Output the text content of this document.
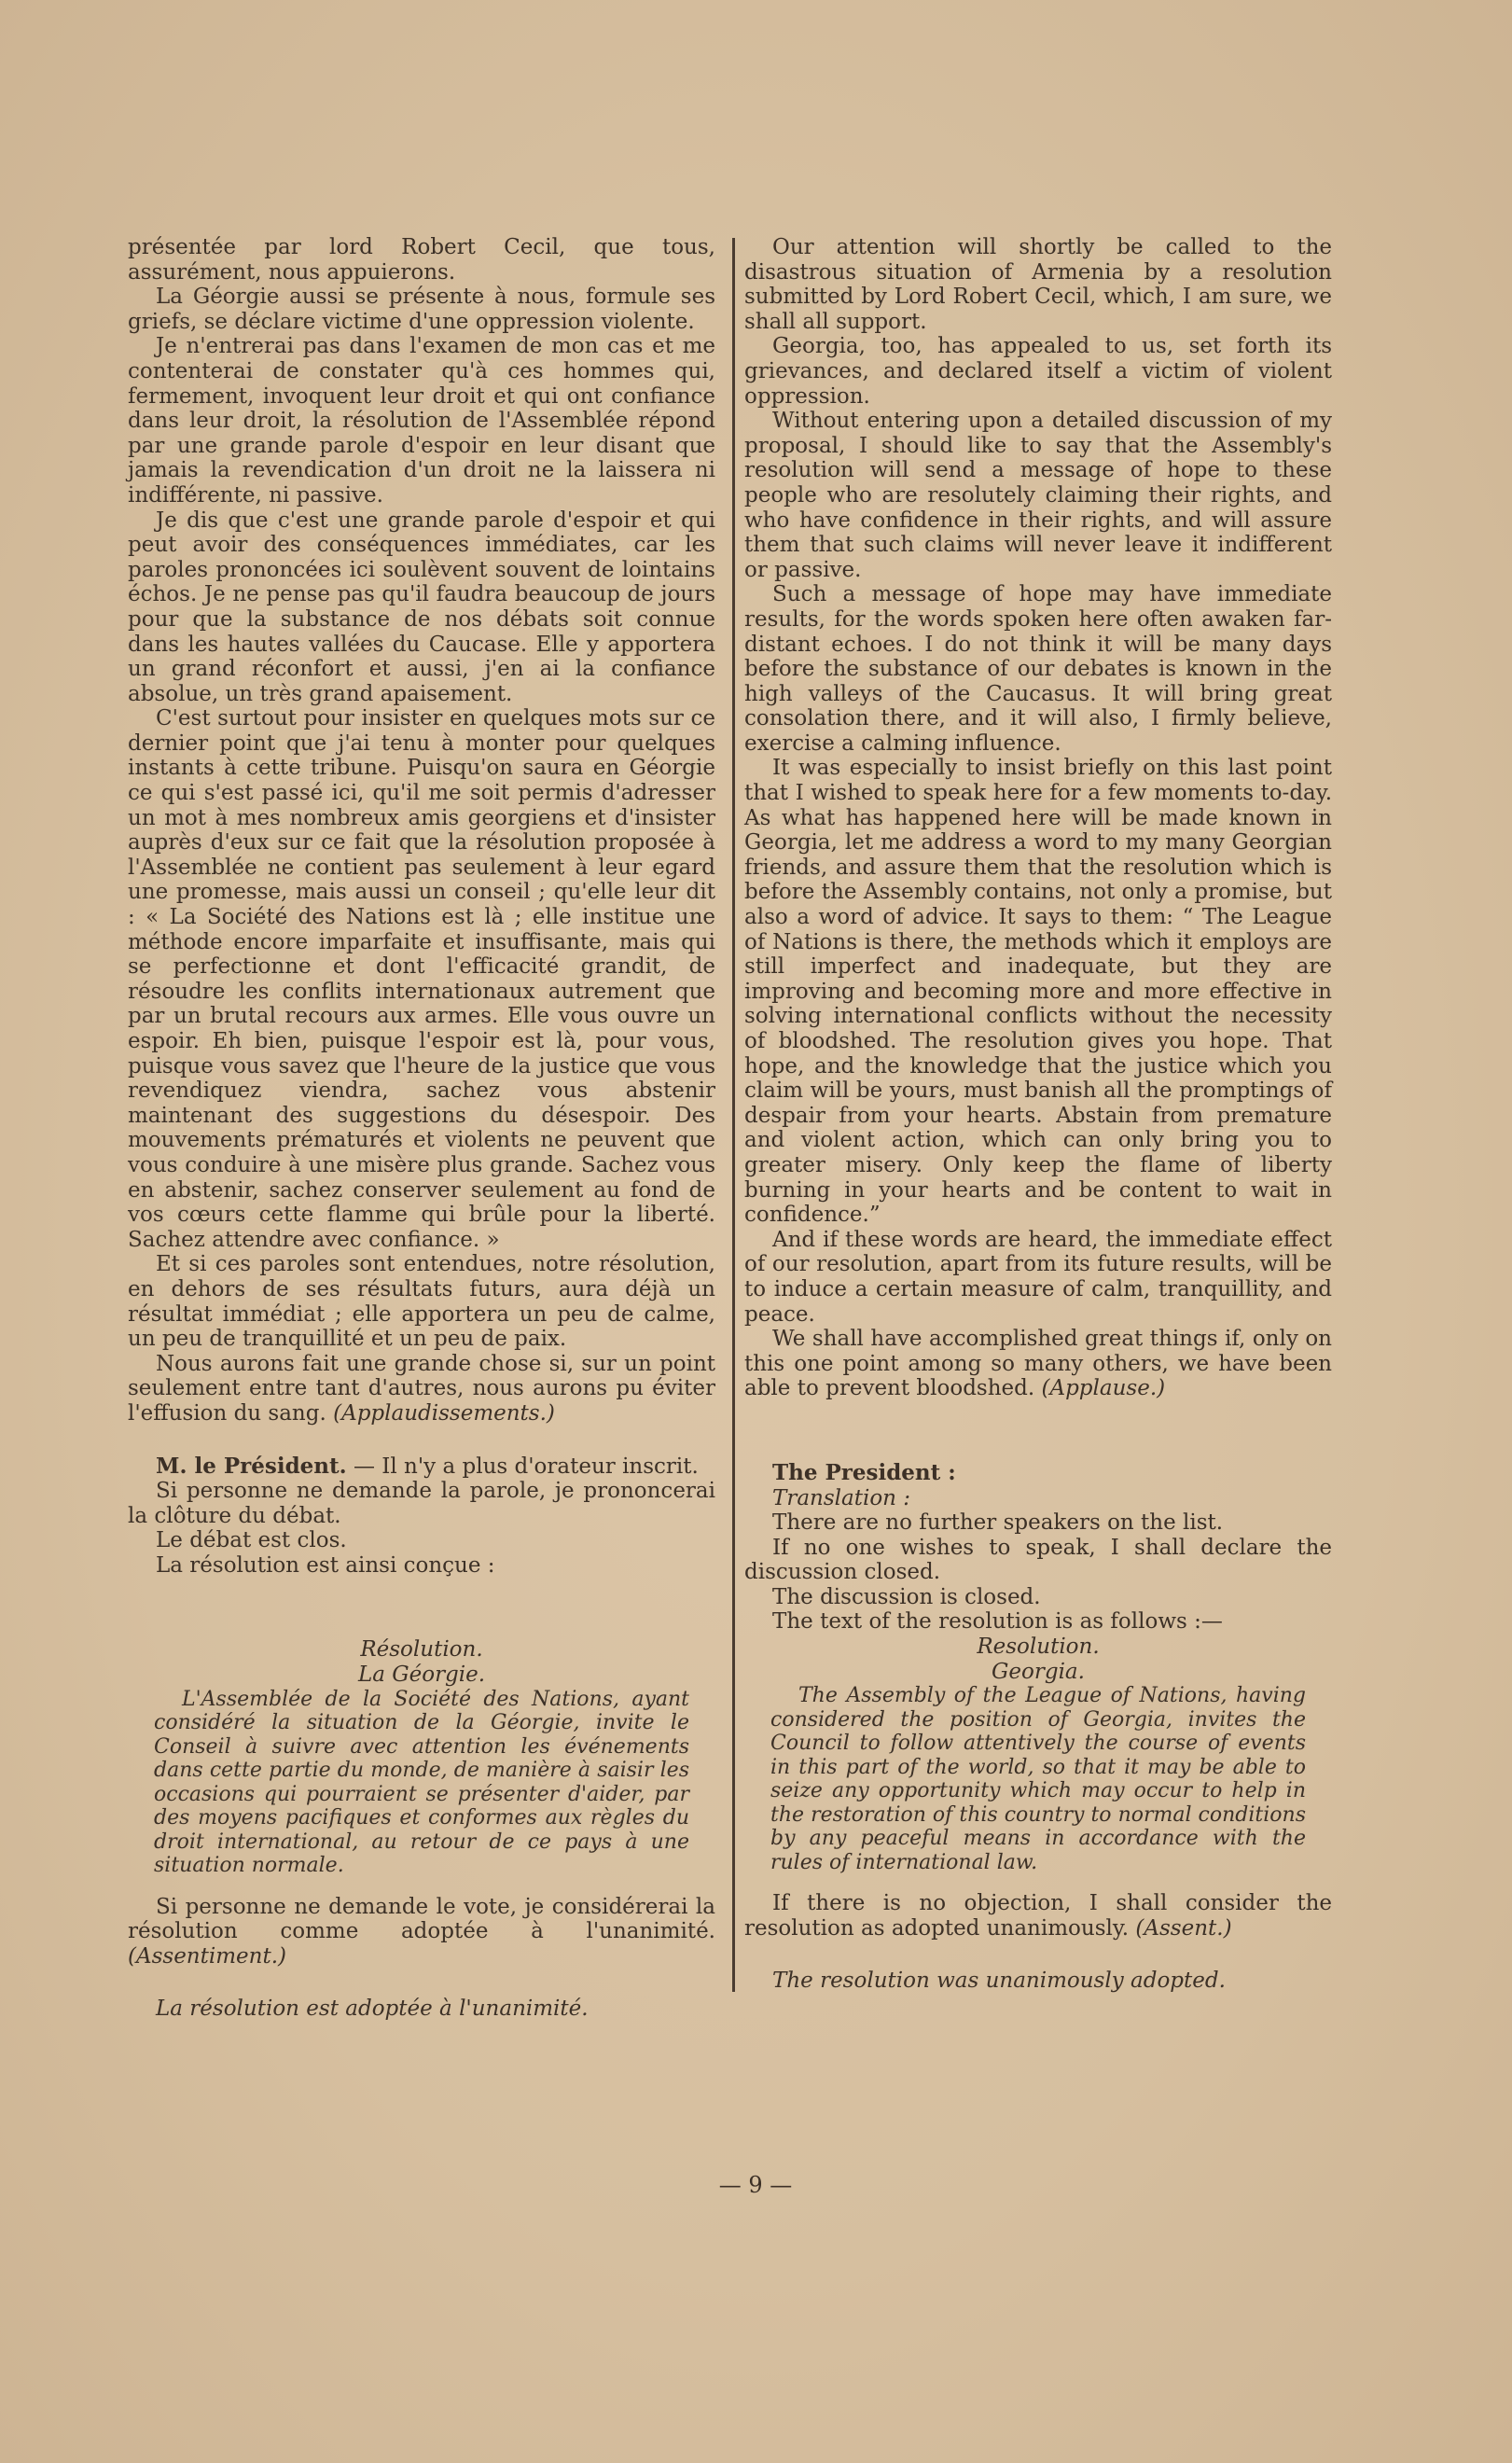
présentée par lord Robert Cecil, que tous, assurément, nous appuierons.

La Géorgie aussi se présente à nous, formule ses griefs, se déclare victime d'une oppression violente.

Je n'entrerai pas dans l'examen de mon cas et me contenterai de constater qu'à ces hommes qui, fermement, invoquent leur droit et qui ont confiance dans leur droit, la résolution de l'Assemblée répond par une grande parole d'espoir en leur disant que jamais la revendication d'un droit ne la laissera ni indifférente, ni passive.

Je dis que c'est une grande parole d'espoir et qui peut avoir des conséquences immédiates, car les paroles prononcées ici soulèvent souvent de lointains échos. Je ne pense pas qu'il faudra beaucoup de jours pour que la substance de nos débats soit connue dans les hautes vallées du Caucase. Elle y apportera un grand réconfort et aussi, j'en ai la confiance absolue, un très grand apaisement.

C'est surtout pour insister en quelques mots sur ce dernier point que j'ai tenu à monter pour quelques instants à cette tribune. Puisqu'on saura en Géorgie ce qui s'est passé ici, qu'il me soit permis d'adresser un mot à mes nombreux amis georgiens et d'insister auprès d'eux sur ce fait que la résolution proposée à l'Assemblée ne contient pas seulement à leur egard une promesse, mais aussi un conseil ; qu'elle leur dit : « La Société des Nations est là ; elle institue une méthode encore imparfaite et insuffisante, mais qui se perfectionne et dont l'efficacité grandit, de résoudre les conflits internationaux autrement que par un brutal recours aux armes. Elle vous ouvre un espoir. Eh bien, puisque l'espoir est là, pour vous, puisque vous savez que l'heure de la justice que vous revendiquez viendra, sachez vous abstenir maintenant des suggestions du désespoir. Des mouvements prématurés et violents ne peuvent que vous conduire à une misère plus grande. Sachez vous en abstenir, sachez conserver seulement au fond de vos cœurs cette flamme qui brûle pour la liberté. Sachez attendre avec confiance. »

Et si ces paroles sont entendues, notre résolution, en dehors de ses résultats futurs, aura déjà un résultat immédiat ; elle apportera un peu de calme, un peu de tranquillité et un peu de paix.

Nous aurons fait une grande chose si, sur un point seulement entre tant d'autres, nous aurons pu éviter l'effusion du sang. (Applaudissements.)

M. le Président. — Il n'y a plus d'orateur inscrit.

Si personne ne demande la parole, je prononcerai la clôture du débat.

Le débat est clos.

La résolution est ainsi conçue :

Résolution.

La Géorgie.

L'Assemblée de la Société des Nations, ayant considéré la situation de la Géorgie, invite le Conseil à suivre avec attention les événements dans cette partie du monde, de manière à saisir les occasions qui pourraient se présenter d'aider, par des moyens pacifiques et conformes aux règles du droit international, au retour de ce pays à une situation normale.

Si personne ne demande le vote, je considérerai la résolution comme adoptée à l'unanimité. (Assentiment.)

La résolution est adoptée à l'unanimité.

Our attention will shortly be called to the disastrous situation of Armenia by a resolution submitted by Lord Robert Cecil, which, I am sure, we shall all support.

Georgia, too, has appealed to us, set forth its grievances, and declared itself a victim of violent oppression.

Without entering upon a detailed discussion of my proposal, I should like to say that the Assembly's resolution will send a message of hope to these people who are resolutely claiming their rights, and who have confidence in their rights, and will assure them that such claims will never leave it indifferent or passive.

Such a message of hope may have immediate results, for the words spoken here often awaken far-distant echoes. I do not think it will be many days before the substance of our debates is known in the high valleys of the Caucasus. It will bring great consolation there, and it will also, I firmly believe, exercise a calming influence.

It was especially to insist briefly on this last point that I wished to speak here for a few moments to-day. As what has happened here will be made known in Georgia, let me address a word to my many Georgian friends, and assure them that the resolution which is before the Assembly contains, not only a promise, but also a word of advice. It says to them: “ The League of Nations is there, the methods which it employs are still imperfect and inadequate, but they are improving and becoming more and more effective in solving international conflicts without the necessity of bloodshed. The resolution gives you hope. That hope, and the knowledge that the justice which you claim will be yours, must banish all the promptings of despair from your hearts. Abstain from premature and violent action, which can only bring you to greater misery. Only keep the flame of liberty burning in your hearts and be content to wait in confidence.”

And if these words are heard, the immediate effect of our resolution, apart from its future results, will be to induce a certain measure of calm, tranquillity, and peace.

We shall have accomplished great things if, only on this one point among so many others, we have been able to prevent bloodshed. (Applause.)

The President :

Translation :

There are no further speakers on the list.

If no one wishes to speak, I shall declare the discussion closed.

The discussion is closed.

The text of the resolution is as follows :—

Resolution.

Georgia.

The Assembly of the League of Nations, having considered the position of Georgia, invites the Council to follow attentively the course of events in this part of the world, so that it may be able to seize any opportunity which may occur to help in the restoration of this country to normal conditions by any peaceful means in accordance with the rules of international law.

If there is no objection, I shall consider the resolution as adopted unanimously. (Assent.)

The resolution was unanimously adopted.

— 9 —
